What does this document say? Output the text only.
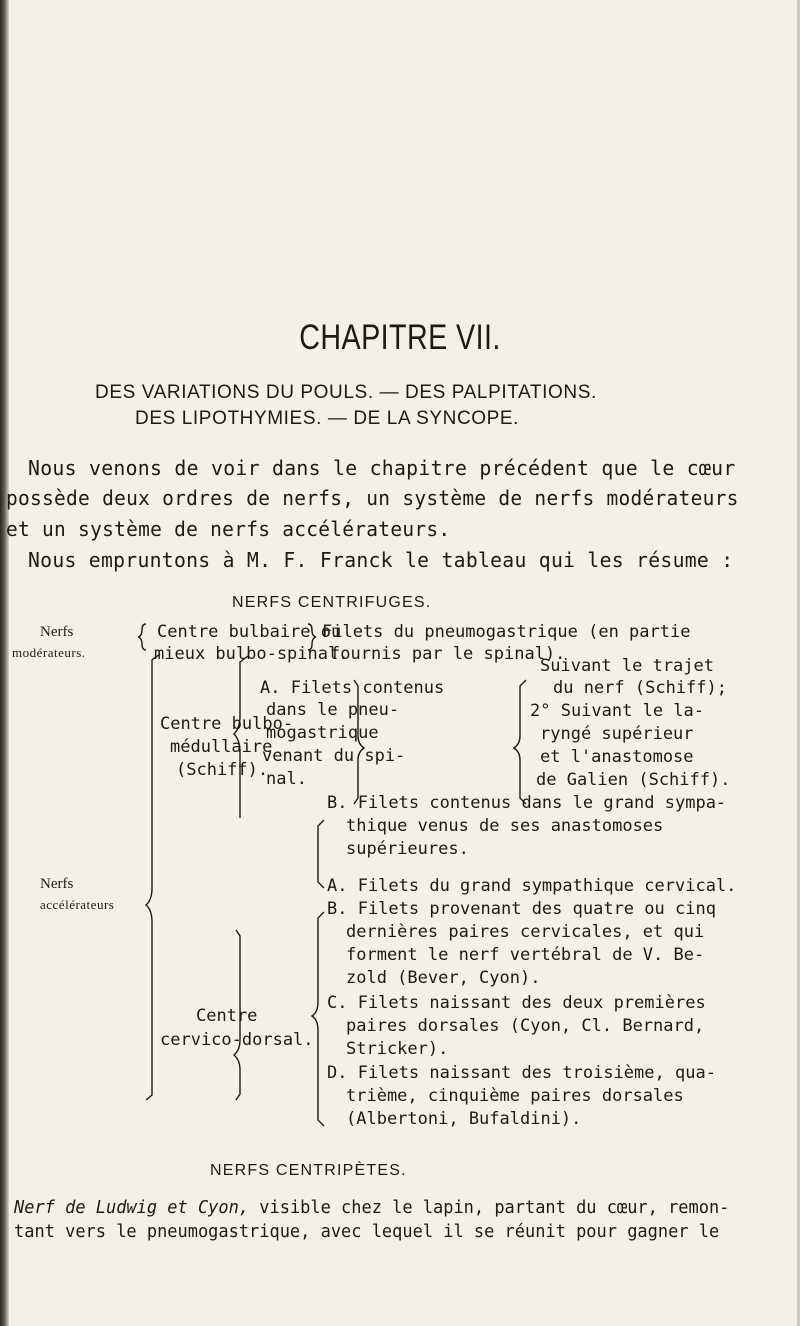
CHAPITRE VII.
DES VARIATIONS DU POULS. — DES PALPITATIONS.
DES LIPOTHYMIES. — DE LA SYNCOPE.
Nous venons de voir dans le chapitre précédent que le cœur
possède deux ordres de nerfs, un système de nerfs modérateurs
et un système de nerfs accélérateurs.
Nous empruntons à M. F. Franck le tableau qui les résume :
NERFS CENTRIFUGES.
Nerfs
modérateurs.
Centre bulbaire ou
mieux bulbo-spinal.
Filets du pneumogastrique (en partie
fournis par le spinal).
Nerfs
accélérateurs
Centre bulbo-
médullaire
(Schiff).
A. Filets contenus
dans le pneu-
mogastrique
venant du spi-
nal.
Suivant le trajet
du nerf (Schiff);
2° Suivant le la-
ryngé supérieur
et l'anastomose
de Galien (Schiff).
B. Filets contenus dans le grand sympa-
thique venus de ses anastomoses
supérieures.
Centre
cervico-dorsal.
A. Filets du grand sympathique cervical.
B. Filets provenant des quatre ou cinq
dernières paires cervicales, et qui
forment le nerf vertébral de V. Be-
zold (Bever, Cyon).
C. Filets naissant des deux premières
paires dorsales (Cyon, Cl. Bernard,
Stricker).
D. Filets naissant des troisième, qua-
trième, cinquième paires dorsales
(Albertoni, Bufaldini).
NERFS CENTRIPÈTES.
Nerf de Ludwig et Cyon, visible chez le lapin, partant du cœur, remon-
tant vers le pneumogastrique, avec lequel il se réunit pour gagner le
